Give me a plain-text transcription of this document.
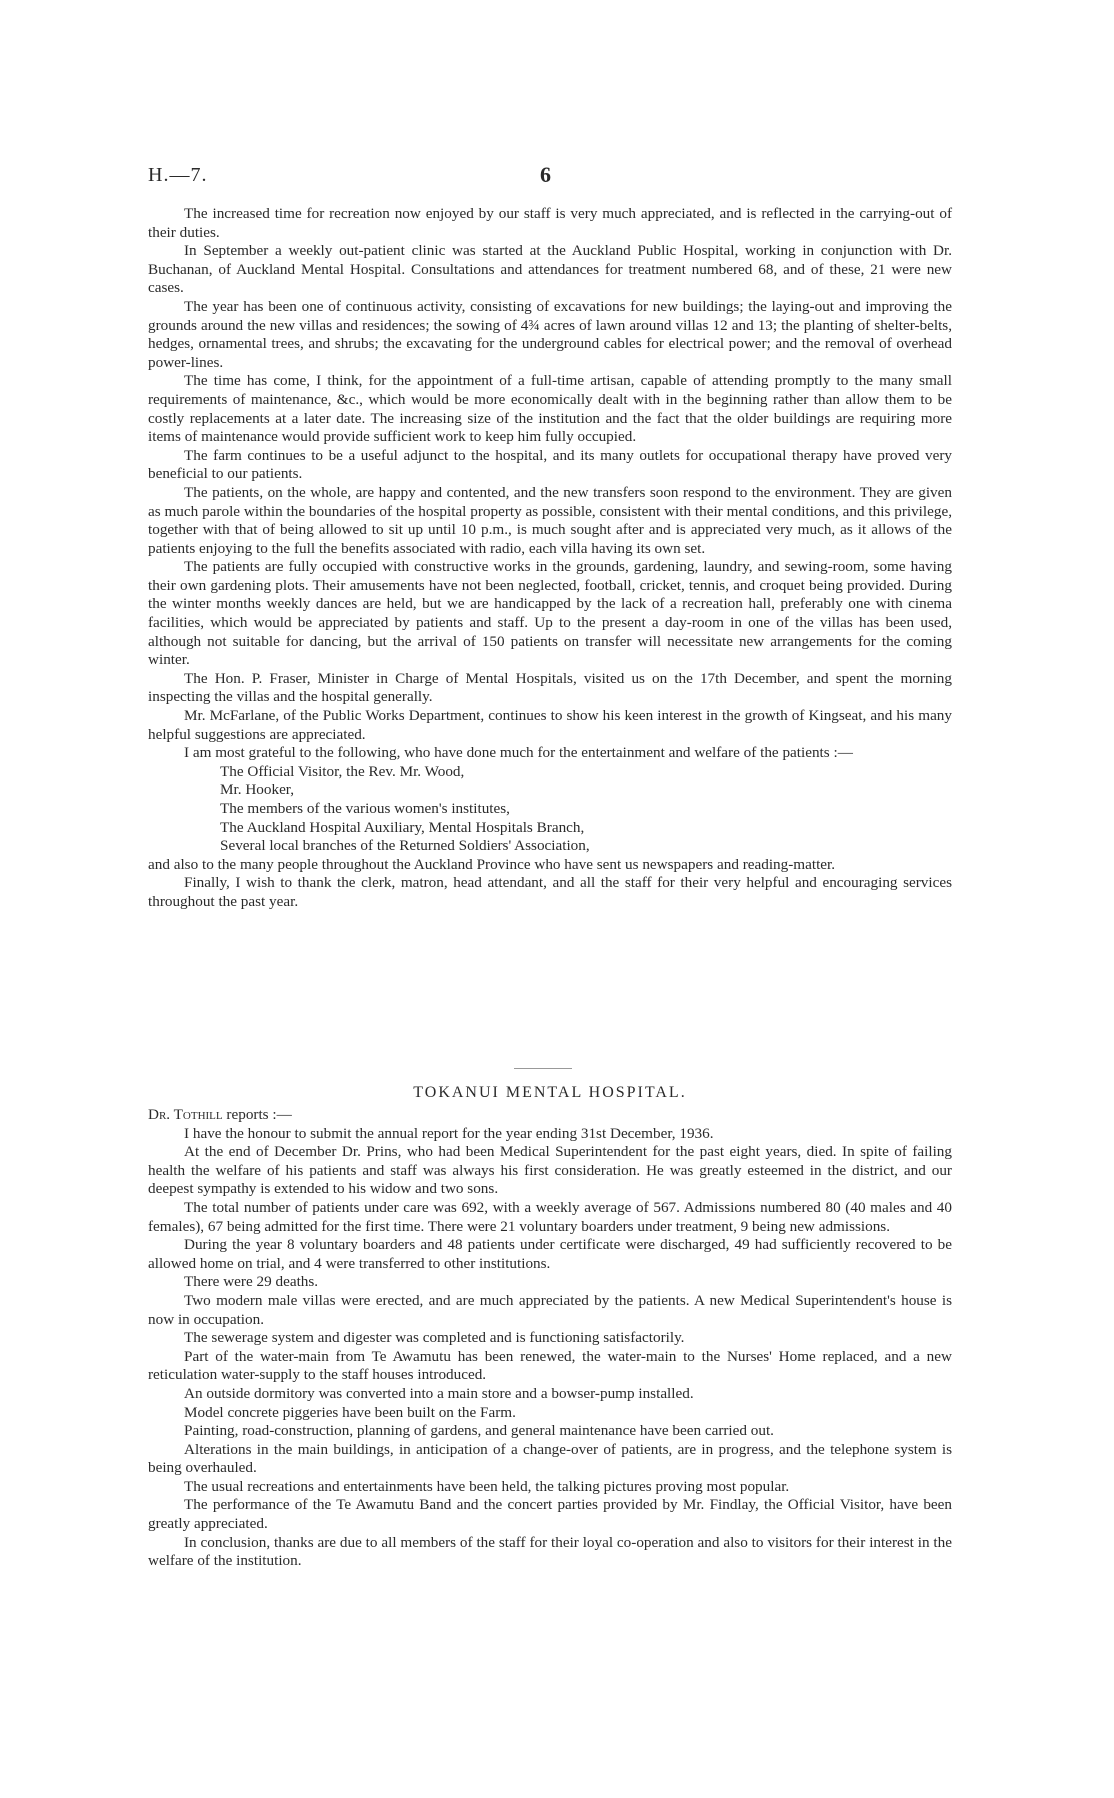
H.—7.	6

The increased time for recreation now enjoyed by our staff is very much appreciated, and is reflected in the carrying-out of their duties.

In September a weekly out-patient clinic was started at the Auckland Public Hospital, working in conjunction with Dr. Buchanan, of Auckland Mental Hospital. Consultations and attendances for treatment numbered 68, and of these, 21 were new cases.

The year has been one of continuous activity, consisting of excavations for new buildings; the laying-out and improving the grounds around the new villas and residences; the sowing of 4¾ acres of lawn around villas 12 and 13; the planting of shelter-belts, hedges, ornamental trees, and shrubs; the excavating for the underground cables for electrical power; and the removal of overhead power-lines.

The time has come, I think, for the appointment of a full-time artisan, capable of attending promptly to the many small requirements of maintenance, &c., which would be more economically dealt with in the beginning rather than allow them to be costly replacements at a later date. The increasing size of the institution and the fact that the older buildings are requiring more items of maintenance would provide sufficient work to keep him fully occupied.

The farm continues to be a useful adjunct to the hospital, and its many outlets for occupational therapy have proved very beneficial to our patients.

The patients, on the whole, are happy and contented, and the new transfers soon respond to the environment. They are given as much parole within the boundaries of the hospital property as possible, consistent with their mental conditions, and this privilege, together with that of being allowed to sit up until 10 p.m., is much sought after and is appreciated very much, as it allows of the patients enjoying to the full the benefits associated with radio, each villa having its own set.

The patients are fully occupied with constructive works in the grounds, gardening, laundry, and sewing-room, some having their own gardening plots. Their amusements have not been neglected, football, cricket, tennis, and croquet being provided. During the winter months weekly dances are held, but we are handicapped by the lack of a recreation hall, preferably one with cinema facilities, which would be appreciated by patients and staff. Up to the present a day-room in one of the villas has been used, although not suitable for dancing, but the arrival of 150 patients on transfer will necessitate new arrangements for the coming winter.

The Hon. P. Fraser, Minister in Charge of Mental Hospitals, visited us on the 17th December, and spent the morning inspecting the villas and the hospital generally.

Mr. McFarlane, of the Public Works Department, continues to show his keen interest in the growth of Kingseat, and his many helpful suggestions are appreciated.

I am most grateful to the following, who have done much for the entertainment and welfare of the patients :—

The Official Visitor, the Rev. Mr. Wood,
Mr. Hooker,
The members of the various women's institutes,
The Auckland Hospital Auxiliary, Mental Hospitals Branch,
Several local branches of the Returned Soldiers' Association,

and also to the many people throughout the Auckland Province who have sent us newspapers and reading-matter.

Finally, I wish to thank the clerk, matron, head attendant, and all the staff for their very helpful and encouraging services throughout the past year.

TOKANUI MENTAL HOSPITAL.

Dr. Tothill reports :—

I have the honour to submit the annual report for the year ending 31st December, 1936.

At the end of December Dr. Prins, who had been Medical Superintendent for the past eight years, died. In spite of failing health the welfare of his patients and staff was always his first consideration. He was greatly esteemed in the district, and our deepest sympathy is extended to his widow and two sons.

The total number of patients under care was 692, with a weekly average of 567. Admissions numbered 80 (40 males and 40 females), 67 being admitted for the first time. There were 21 voluntary boarders under treatment, 9 being new admissions.

During the year 8 voluntary boarders and 48 patients under certificate were discharged, 49 had sufficiently recovered to be allowed home on trial, and 4 were transferred to other institutions.

There were 29 deaths.

Two modern male villas were erected, and are much appreciated by the patients. A new Medical Superintendent's house is now in occupation.

The sewerage system and digester was completed and is functioning satisfactorily.

Part of the water-main from Te Awamutu has been renewed, the water-main to the Nurses' Home replaced, and a new reticulation water-supply to the staff houses introduced.

An outside dormitory was converted into a main store and a bowser-pump installed.

Model concrete piggeries have been built on the Farm.

Painting, road-construction, planning of gardens, and general maintenance have been carried out.

Alterations in the main buildings, in anticipation of a change-over of patients, are in progress, and the telephone system is being overhauled.

The usual recreations and entertainments have been held, the talking pictures proving most popular.

The performance of the Te Awamutu Band and the concert parties provided by Mr. Findlay, the Official Visitor, have been greatly appreciated.

In conclusion, thanks are due to all members of the staff for their loyal co-operation and also to visitors for their interest in the welfare of the institution.
